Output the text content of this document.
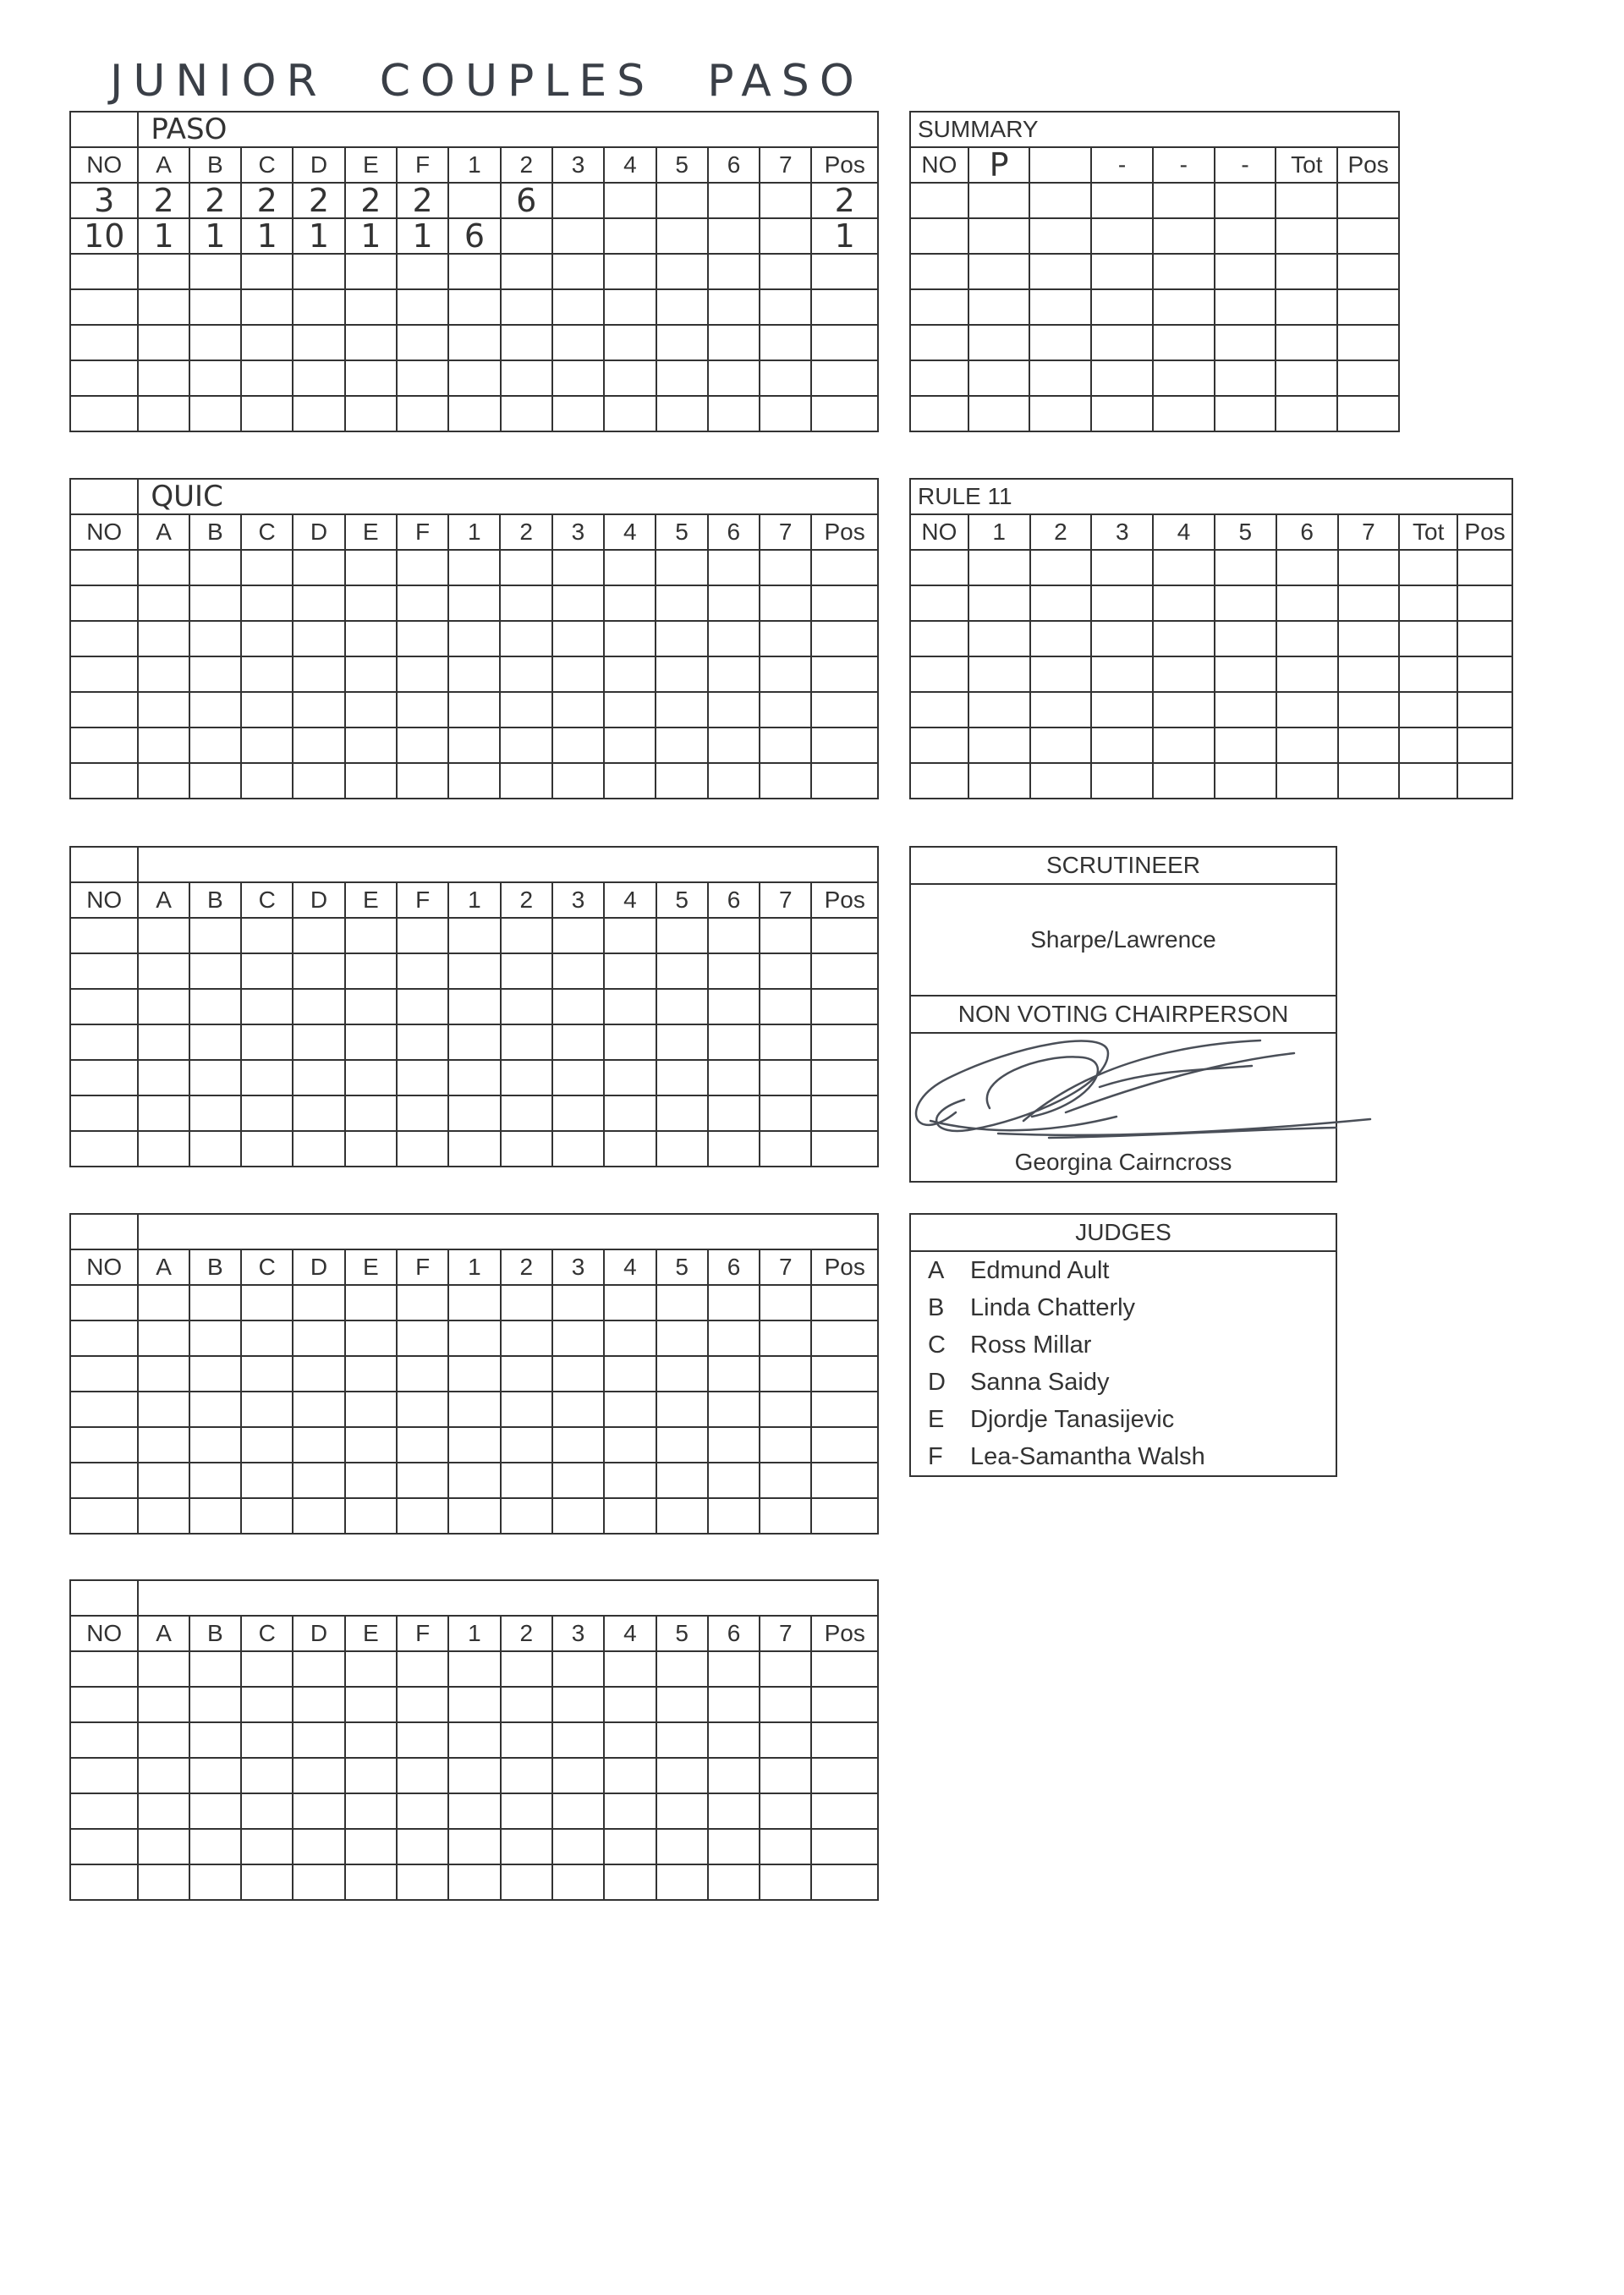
JUNIOR COUPLES PASO
	PASO													
NO	A	B	C	D	E	F	1	2	3	4	5	6	7	Pos
3	2	2	2	2	2	2		6						2
10	1	1	1	1	1	1	6							1

	QUIC													
NO	A	B	C	D	E	F	1	2	3	4	5	6	7	Pos

NO	A	B	C	D	E	F	1	2	3	4	5	6	7	Pos

NO	A	B	C	D	E	F	1	2	3	4	5	6	7	Pos

NO	A	B	C	D	E	F	1	2	3	4	5	6	7	Pos

SUMMARY							
NO	P		-	-	-	Tot	Pos

RULE 11									
NO	1	2	3	4	5	6	7	Tot	Pos

SCRUTINEER
Sharpe/Lawrence
NON VOTING CHAIRPERSON
Georgina Cairncross
JUDGES
A Edmund Ault
B Linda Chatterly
C Ross Millar
D Sanna Saidy
E Djordje Tanasijevic
F Lea-Samantha Walsh
